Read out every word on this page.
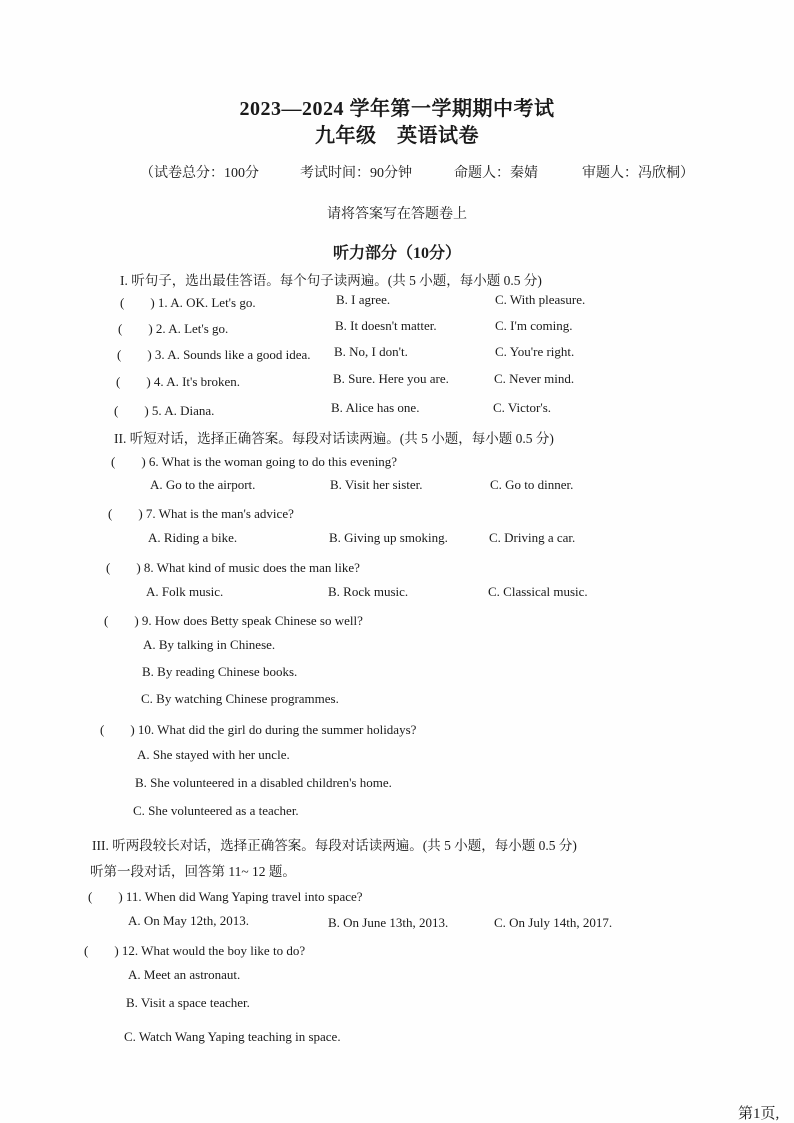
2023—2024 学年第一学期期中考试
九年级　英语试卷
（试卷总分：100分	考试时间：90分钟	命题人：秦婧	审题人：冯欣桐）
请将答案写在答题卷上
听力部分（10分）
I. 听句子，选出最佳答语。每个句子读两遍。(共 5 小题，每小题 0.5 分)
(　　) 1. A. OK. Let's go.	B. I agree.	C. With pleasure.
(　　) 2. A. Let's go.	B. It doesn't matter.	C. I'm coming.
(　　) 3. A. Sounds like a good idea. B. No, I don't.	C. You're right.
(　　) 4. A. It's broken.	B. Sure. Here you are.	C. Never mind.
(　　) 5. A. Diana.	B. Alice has one.	C. Victor's.
II. 听短对话，选择正确答案。每段对话读两遍。(共 5 小题，每小题 0.5 分)
(　　) 6. What is the woman going to do this evening?
A. Go to the airport.	B. Visit her sister.	C. Go to dinner.
(　　) 7. What is the man's advice?
A. Riding a bike.	B. Giving up smoking.	C. Driving a car.
(　　) 8. What kind of music does the man like?
A. Folk music.	B. Rock music.	C. Classical music.
(　　) 9. How does Betty speak Chinese so well?
A. By talking in Chinese.
B. By reading Chinese books.
C. By watching Chinese programmes.
(　　) 10. What did the girl do during the summer holidays?
A. She stayed with her uncle.
B. She volunteered in a disabled children's home.
C. She volunteered as a teacher.
III. 听两段较长对话，选择正确答案。每段对话读两遍。(共 5 小题，每小题 0.5 分)
听第一段对话，回答第 11~ 12 题。
(　　) 11. When did Wang Yaping travel into space?
A. On May 12th, 2013.	B. On June 13th, 2013.	C. On July 14th, 2017.
(　　) 12. What would the boy like to do?
A. Meet an astronaut.
B. Visit a space teacher.
C. Watch Wang Yaping teaching in space.
第1页,
